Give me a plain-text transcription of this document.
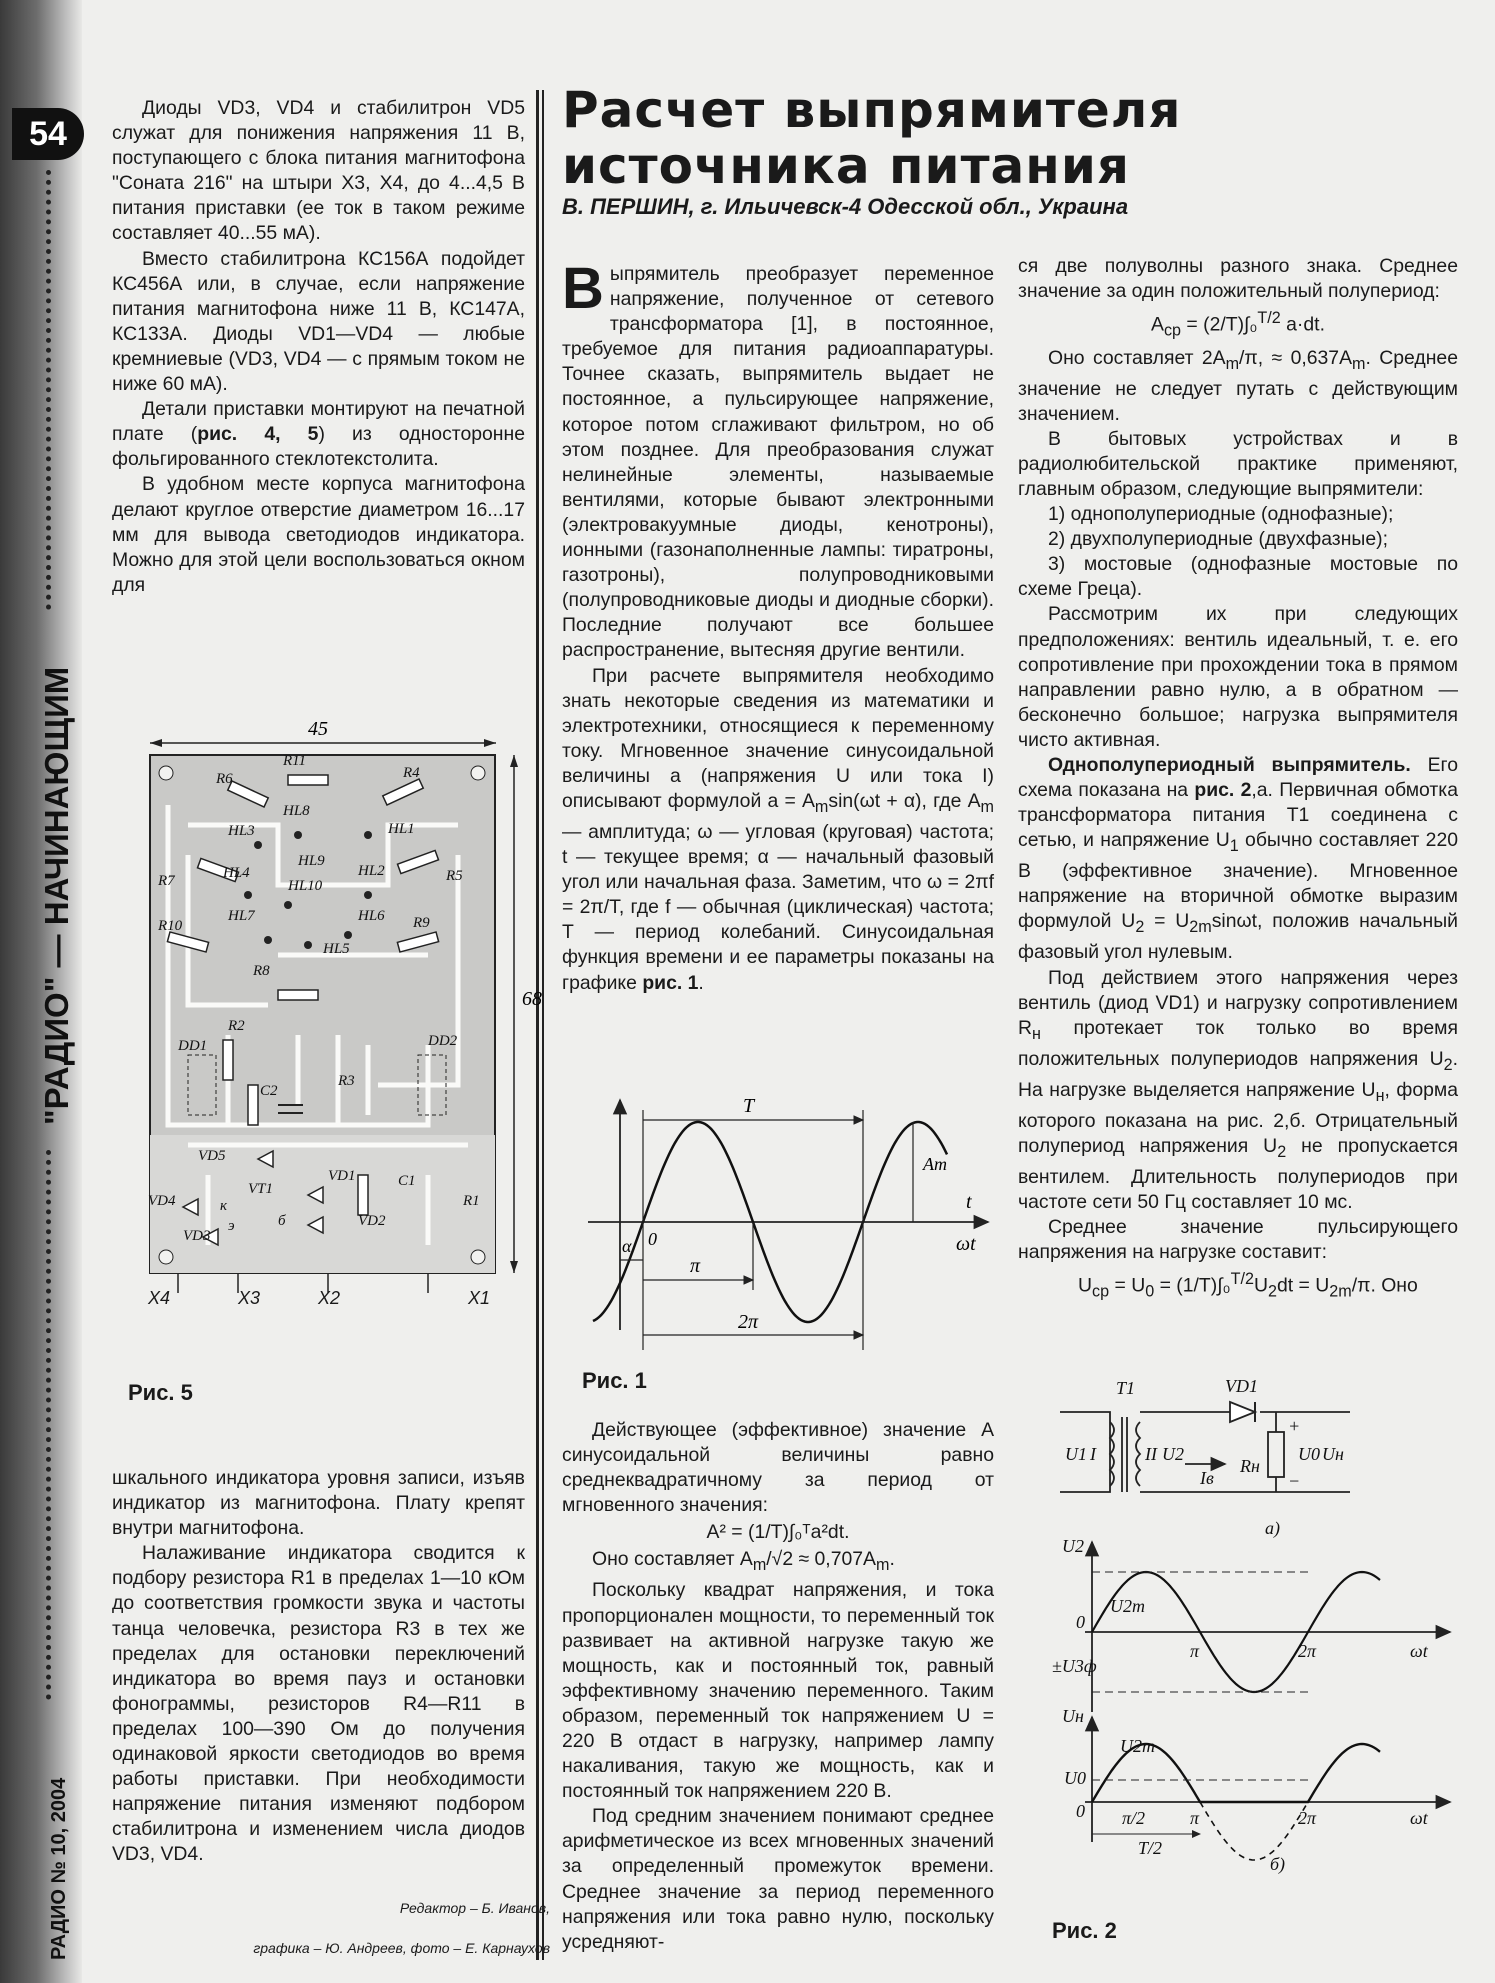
54
"РАДИО" — НАЧИНАЮЩИМ
РАДИО № 10, 2004
Расчет выпрямителя
источника питания
В. ПЕРШИН, г. Ильичевск-4 Одесской обл., Украина

Диоды VD3, VD4 и стабилитрон VD5 служат для понижения напряжения 11 В, поступающего с блока питания магнитофона "Соната 216" на штыри Х3, Х4, до 4...4,5 В питания приставки (ее ток в таком режиме составляет 40...55 мА).

Вместо стабилитрона КС156А подойдет КС456А или, в случае, если напряжение питания магнитофона ниже 11 В, КС147А, КС133А. Диоды VD1—VD4 — любые кремниевые (VD3, VD4 — с прямым током не ниже 60 мА).

Детали приставки монтируют на печатной плате (рис. 4, 5) из односторонне фольгированного стеклотекстолита.

В удобном месте корпуса магнитофона делают круглое отверстие диаметром 16...17 мм для вывода светодиодов индикатора. Можно для этой цели воспользоваться окном для

45
68
R11
R6	R4
HL8
HL3	HL1
R5
R7	HL4	HL2
HL9
HL10
R10
HL7	HL6 R9
HL5
R8
R2
C2
DD1	DD2
R3
VD5
VT1
VD1	C1
VD4
VD2
R1
VD3
к
б
э
X4	X3	X2	X1
Рис. 5

шкального индикатора уровня записи, изъяв индикатор из магнитофона. Плату крепят внутри магнитофона.

Налаживание индикатора сводится к подбору резистора R1 в пределах 1—10 кОм до соответствия громкости звука и частоты танца человечка, резистора R3 в тех же пределах для остановки переключений индикатора во время пауз и остановки фонограммы, резисторов R4—R11 в пределах 100—390 Ом до получения одинаковой яркости светодиодов во время работы приставки. При необходимости напряжение питания изменяют подбором стабилитрона и изменением числа диодов VD3, VD4.

Редактор – Б. Иванов,
графика – Ю. Андреев, фото – Е. Карнаухов

Выпрямитель преобразует переменное напряжение, полученное от сетевого трансформатора [1], в постоянное, требуемое для питания радиоаппаратуры. Точнее сказать, выпрямитель выдает не постоянное, а пульсирующее напряжение, которое потом сглаживают фильтром, но об этом позднее. Для преобразования служат нелинейные элементы, называемые вентилями, которые бывают электронными (электровакуумные диоды, кенотроны), ионными (газонаполненные лампы: тиратроны, газотроны), полупроводниковыми (полупроводниковые диоды и диодные сборки). Последние получают все большее распространение, вытесняя другие вентили.

При расчете выпрямителя необходимо знать некоторые сведения из математики и электротехники, относящиеся к переменному току. Мгновенное значение синусоидальной величины а (напряжения U или тока I) описывают формулой $а = A_m\sin(\omega t + \alpha)$, где $A_m$ — амплитуда; ω — угловая (круговая) частота; t — текущее время; α — начальный фазовый угол или начальная фаза. Заметим, что ω = 2πf = 2π/T, где f — обычная (циклическая) частота; T — период колебаний. Синусоидальная функция времени и ее параметры показаны на графике рис. 1.

T
Am
t
ωt
α 0
π
2π
Рис. 1

Действующее (эффективное) значение А синусоидальной величины равно среднеквадратичному за период от мгновенного значения:

A² = (1/T)∫₀ᵀa²dt.

Оно составляет $A_m/√2 \approx 0,707A_m$.

Поскольку квадрат напряжения, и тока пропорционален мощности, то переменный ток развивает на активной нагрузке такую же мощность, как и постоянный ток, равный эффективному значению переменного. Таким образом, переменный ток напряжением U = 220 В отдаст в нагрузку, например лампу накаливания, такую же мощность, как и постоянный ток напряжением 220 В.

Под средним значением понимают среднее арифметическое из всех мгновенных значений за определенный промежуток времени. Среднее значение за период переменного напряжения или тока равно нулю, поскольку усредняют-

ся две полуволны разного знака. Среднее значение за один положительный полупериод:

$A_{ср} = (2/T)\int_0^{T/2}$ a·dt.

Оно составляет $2A_m/\pi$, ≈ $0,637A_m$. Среднее значение не следует путать с действующим значением.

В бытовых устройствах и в радиолюбительской практике применяют, главным образом, следующие выпрямители:

1) однополупериодные (однофазные);

2) двухполупериодные (двухфазные);

3) мостовые (однофазные мостовые по схеме Греца).

Рассмотрим их при следующих предположениях: вентиль идеальный, т. е. его сопротивление при прохождении тока в прямом направлении равно нулю, а в обратном — бесконечно большое; нагрузка выпрямителя чисто активная.

Однополупериодный выпрямитель. Его схема показана на рис. 2,а. Первичная обмотка трансформатора питания T1 соединена с сетью, и напряжение $U_1$ обычно составляет 220 В (эффективное значение). Мгновенное напряжение на вторичной обмотке выразим формулой $U_2 = U_{2m}\sin\omega t$, положив начальный фазовый угол нулевым.

Под действием этого напряжения через вентиль (диод VD1) и нагрузку сопротивлением $R_н$ протекает ток только во время положительных полупериодов напряжения $U_2$. На нагрузке выделяется напряжение $U_н$, форма которого показана на рис. 2,б. Отрицательный полупериод напряжения $U_2$ не пропускается вентилем. Длительность полупериодов при частоте сети 50 Гц составляет 10 мс.

Среднее значение пульсирующего напряжения на нагрузке составит:

$U_{ср} = U_0 = (1/T)\int_0^{T/2}U_2dt = U_{2m}/\pi$. Оно
T1	VD1
U1 I	II U2
Iв
Rн
U0 Uн
+
−
а)
U2
U2m
±U3ф
0
π	2π	ωt
Uн
U0
0
U2m
π/2 π	2π	ωt
T/2
б)
Рис. 2
